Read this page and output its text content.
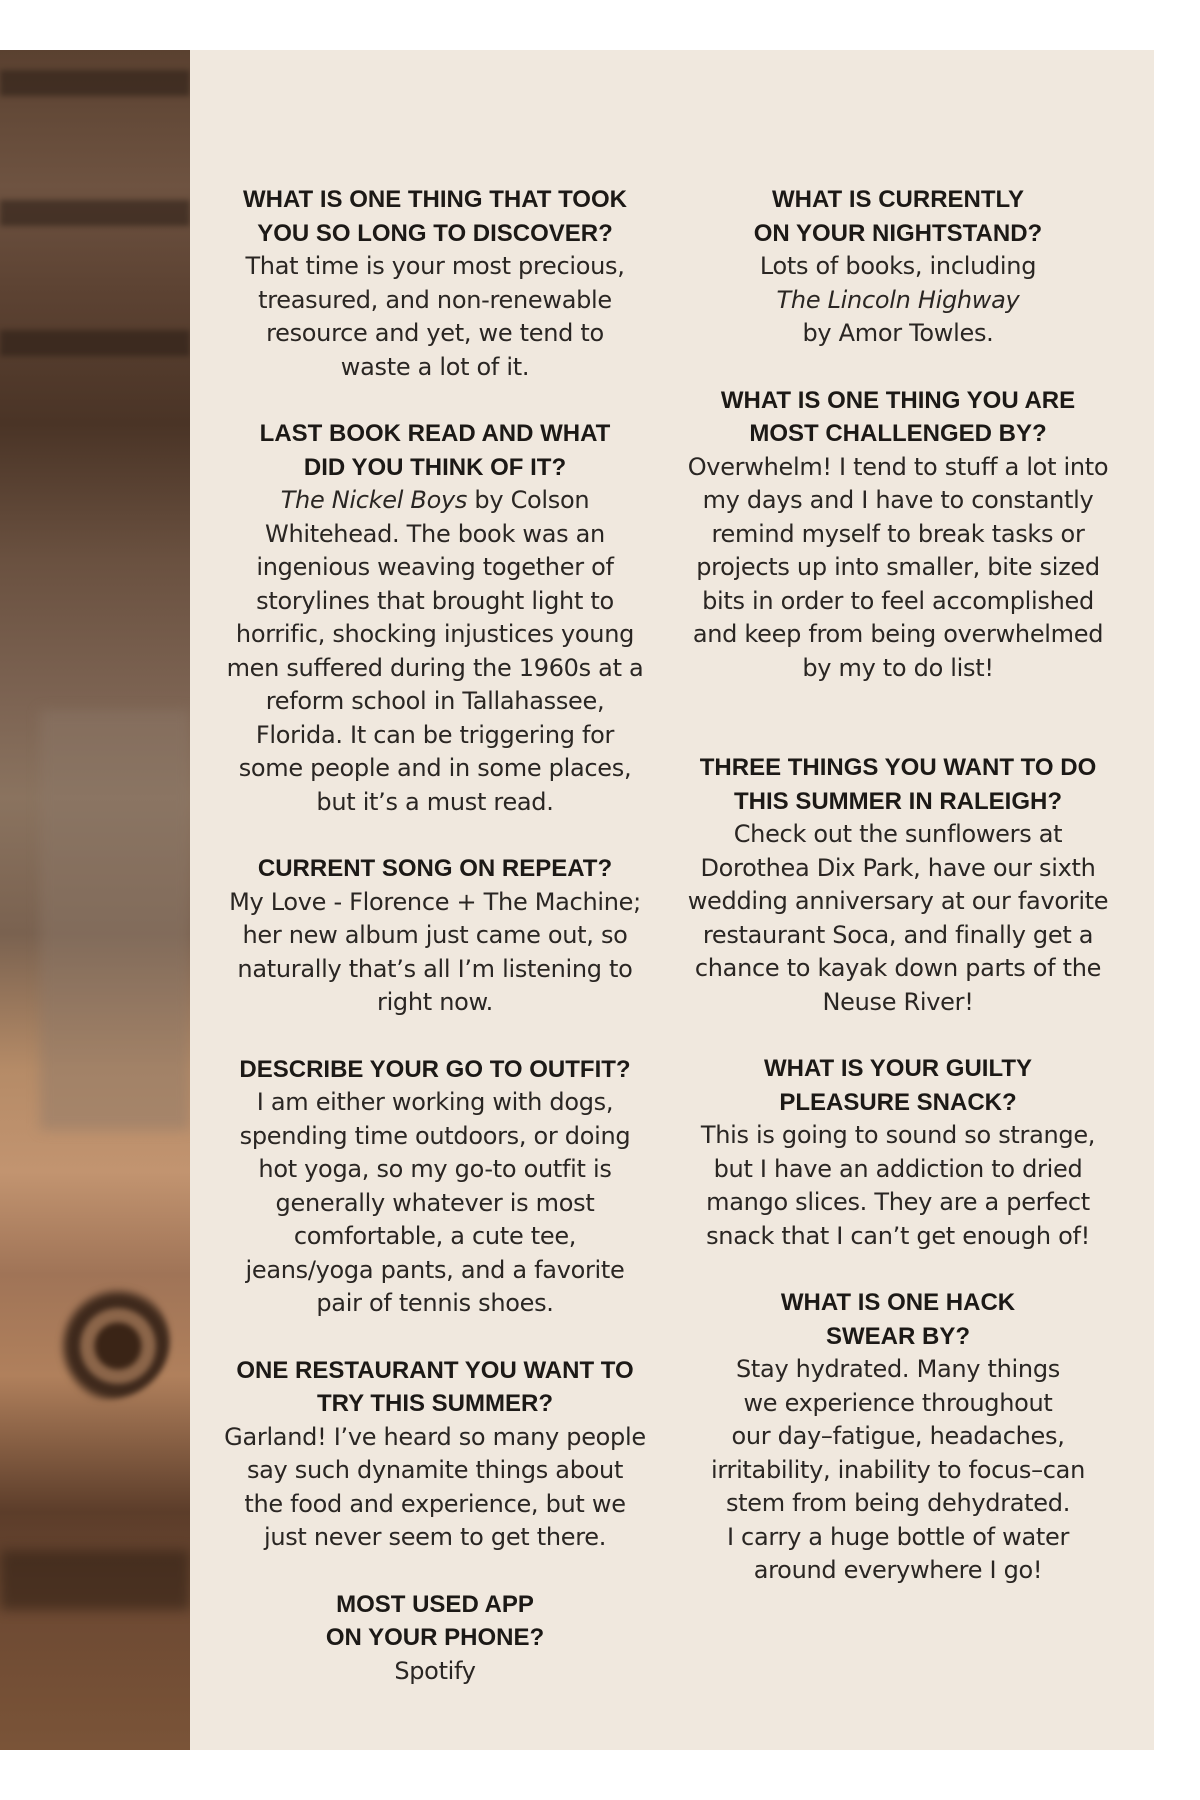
WHAT IS ONE THING THAT TOOK
YOU SO LONG TO DISCOVER?
That time is your most precious,
treasured, and non-renewable
resource and yet, we tend to
waste a lot of it.
LAST BOOK READ AND WHAT
DID YOU THINK OF IT?
The Nickel Boys by Colson
Whitehead. The book was an
ingenious weaving together of
storylines that brought light to
horrific, shocking injustices young
men suffered during the 1960s at a
reform school in Tallahassee,
Florida. It can be triggering for
some people and in some places,
but it’s a must read.
CURRENT SONG ON REPEAT?
My Love - Florence + The Machine;
her new album just came out, so
naturally that’s all I’m listening to
right now.
DESCRIBE YOUR GO TO OUTFIT?
I am either working with dogs,
spending time outdoors, or doing
hot yoga, so my go-to outfit is
generally whatever is most
comfortable, a cute tee,
jeans/yoga pants, and a favorite
pair of tennis shoes.
ONE RESTAURANT YOU WANT TO
TRY THIS SUMMER?
Garland! I’ve heard so many people
say such dynamite things about
the food and experience, but we
just never seem to get there.
MOST USED APP
ON YOUR PHONE?
Spotify
WHAT IS CURRENTLY
ON YOUR NIGHTSTAND?
Lots of books, including
The Lincoln Highway
by Amor Towles.
WHAT IS ONE THING YOU ARE
MOST CHALLENGED BY?
Overwhelm! I tend to stuff a lot into
my days and I have to constantly
remind myself to break tasks or
projects up into smaller, bite sized
bits in order to feel accomplished
and keep from being overwhelmed
by my to do list!
THREE THINGS YOU WANT TO DO
THIS SUMMER IN RALEIGH?
Check out the sunflowers at
Dorothea Dix Park, have our sixth
wedding anniversary at our favorite
restaurant Soca, and finally get a
chance to kayak down parts of the
Neuse River!
WHAT IS YOUR GUILTY
PLEASURE SNACK?
This is going to sound so strange,
but I have an addiction to dried
mango slices. They are a perfect
snack that I can’t get enough of!
WHAT IS ONE HACK
SWEAR BY?
Stay hydrated. Many things
we experience throughout
our day–fatigue, headaches,
irritability, inability to focus–can
stem from being dehydrated.
I carry a huge bottle of water
around everywhere I go!
